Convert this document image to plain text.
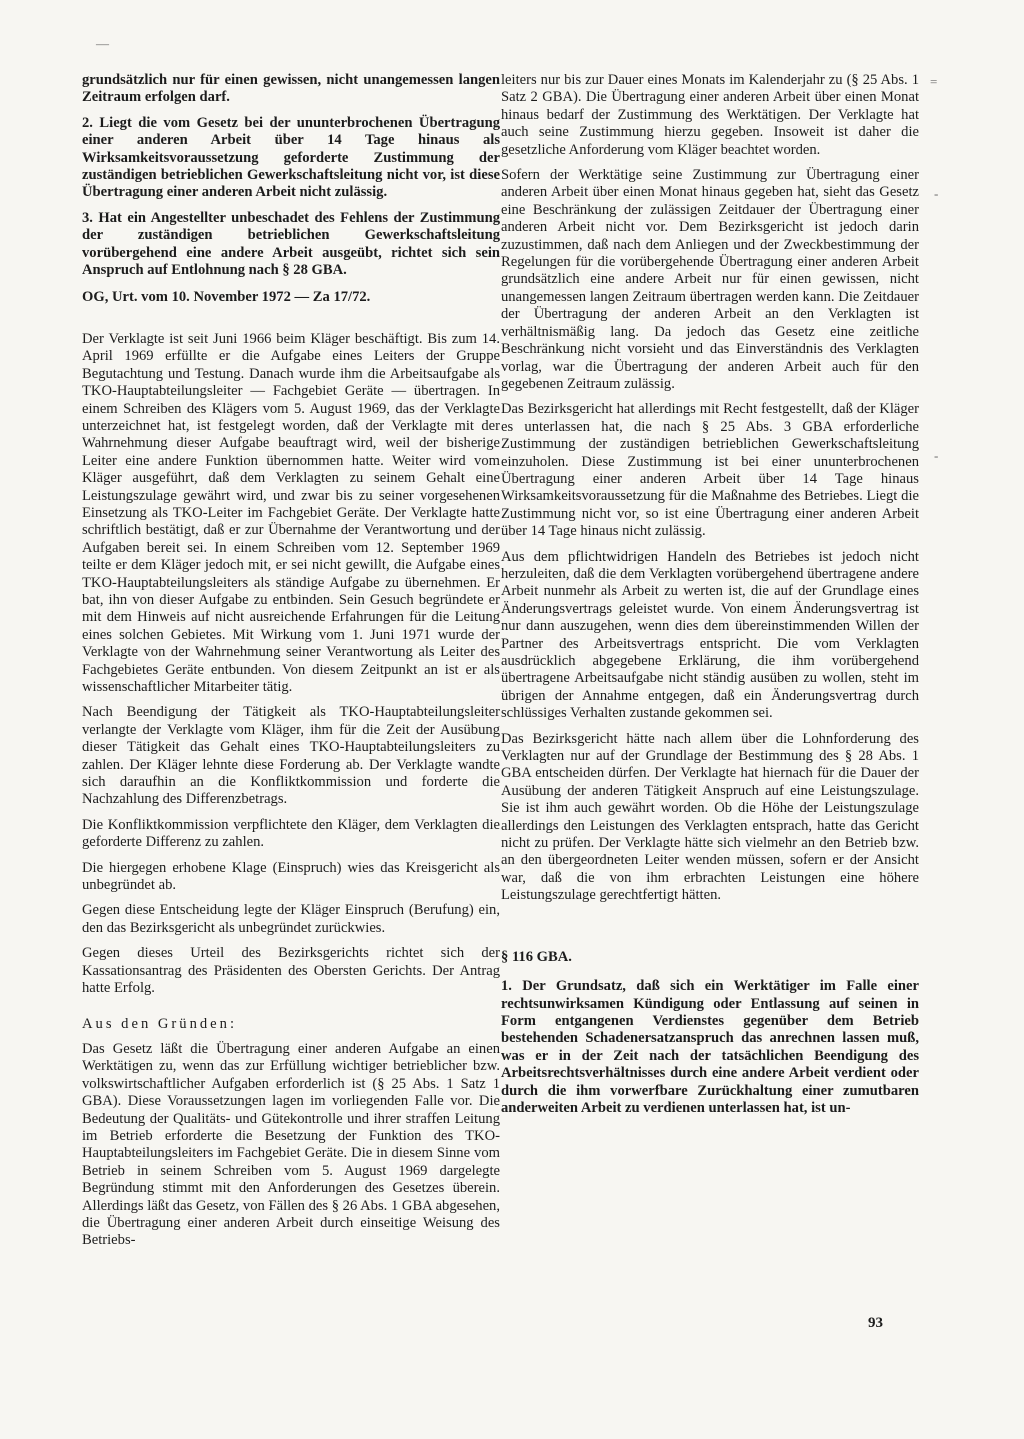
—
=
-
-

grundsätzlich nur für einen gewissen, nicht unangemessen langen Zeitraum erfolgen darf.

2. Liegt die vom Gesetz bei der ununterbrochenen Übertragung einer anderen Arbeit über 14 Tage hinaus als Wirksamkeitsvoraussetzung geforderte Zustimmung der zuständigen betrieblichen Gewerkschaftsleitung nicht vor, ist diese Übertragung einer anderen Arbeit nicht zulässig.

3. Hat ein Angestellter unbeschadet des Fehlens der Zustimmung der zuständigen betrieblichen Gewerkschaftsleitung vorübergehend eine andere Arbeit ausgeübt, richtet sich sein Anspruch auf Entlohnung nach § 28 GBA.

OG, Urt. vom 10. November 1972 — Za 17/72.

Der Verklagte ist seit Juni 1966 beim Kläger beschäftigt. Bis zum 14. April 1969 erfüllte er die Aufgabe eines Leiters der Gruppe Begutachtung und Testung. Danach wurde ihm die Arbeitsaufgabe als TKO-Hauptabteilungsleiter — Fachgebiet Geräte — übertragen. In einem Schreiben des Klägers vom 5. August 1969, das der Verklagte unterzeichnet hat, ist festgelegt worden, daß der Verklagte mit der Wahrnehmung dieser Aufgabe beauftragt wird, weil der bisherige Leiter eine andere Funktion übernommen hatte. Weiter wird vom Kläger ausgeführt, daß dem Verklagten zu seinem Gehalt eine Leistungszulage gewährt wird, und zwar bis zu seiner vorgesehenen Einsetzung als TKO-Leiter im Fachgebiet Geräte. Der Verklagte hatte schriftlich bestätigt, daß er zur Übernahme der Verantwortung und der Aufgaben bereit sei. In einem Schreiben vom 12. September 1969 teilte er dem Kläger jedoch mit, er sei nicht gewillt, die Aufgabe eines TKO-Hauptabteilungsleiters als ständige Aufgabe zu übernehmen. Er bat, ihn von dieser Aufgabe zu entbinden. Sein Gesuch begründete er mit dem Hinweis auf nicht ausreichende Erfahrungen für die Leitung eines solchen Gebietes. Mit Wirkung vom 1. Juni 1971 wurde der Verklagte von der Wahrnehmung seiner Verantwortung als Leiter des Fachgebietes Geräte entbunden. Von diesem Zeitpunkt an ist er als wissenschaftlicher Mitarbeiter tätig.

Nach Beendigung der Tätigkeit als TKO-Hauptabteilungsleiter verlangte der Verklagte vom Kläger, ihm für die Zeit der Ausübung dieser Tätigkeit das Gehalt eines TKO-Hauptabteilungsleiters zu zahlen. Der Kläger lehnte diese Forderung ab. Der Verklagte wandte sich daraufhin an die Konfliktkommission und forderte die Nachzahlung des Differenzbetrags.

Die Konfliktkommission verpflichtete den Kläger, dem Verklagten die geforderte Differenz zu zahlen.

Die hiergegen erhobene Klage (Einspruch) wies das Kreisgericht als unbegründet ab.

Gegen diese Entscheidung legte der Kläger Einspruch (Berufung) ein, den das Bezirksgericht als unbegründet zurückwies.

Gegen dieses Urteil des Bezirksgerichts richtet sich der Kassationsantrag des Präsidenten des Obersten Gerichts. Der Antrag hatte Erfolg.

Aus den Gründen:

Das Gesetz läßt die Übertragung einer anderen Aufgabe an einen Werktätigen zu, wenn das zur Erfüllung wichtiger betrieblicher bzw. volkswirtschaftlicher Aufgaben erforderlich ist (§ 25 Abs. 1 Satz 1 GBA). Diese Voraussetzungen lagen im vorliegenden Falle vor. Die Bedeutung der Qualitäts- und Gütekontrolle und ihrer straffen Leitung im Betrieb erforderte die Besetzung der Funktion des TKO-Hauptabteilungsleiters im Fachgebiet Geräte. Die in diesem Sinne vom Betrieb in seinem Schreiben vom 5. August 1969 dargelegte Begründung stimmt mit den Anforderungen des Gesetzes überein. Allerdings läßt das Gesetz, von Fällen des § 26 Abs. 1 GBA abgesehen, die Übertragung einer anderen Arbeit durch einseitige Weisung des Betriebs-

leiters nur bis zur Dauer eines Monats im Kalenderjahr zu (§ 25 Abs. 1 Satz 2 GBA). Die Übertragung einer anderen Arbeit über einen Monat hinaus bedarf der Zustimmung des Werktätigen. Der Verklagte hat auch seine Zustimmung hierzu gegeben. Insoweit ist daher die gesetzliche Anforderung vom Kläger beachtet worden.

Sofern der Werktätige seine Zustimmung zur Übertragung einer anderen Arbeit über einen Monat hinaus gegeben hat, sieht das Gesetz eine Beschränkung der zulässigen Zeitdauer der Übertragung einer anderen Arbeit nicht vor. Dem Bezirksgericht ist jedoch darin zuzustimmen, daß nach dem Anliegen und der Zweckbestimmung der Regelungen für die vorübergehende Übertragung einer anderen Arbeit grundsätzlich eine andere Arbeit nur für einen gewissen, nicht unangemessen langen Zeitraum übertragen werden kann. Die Zeitdauer der Übertragung der anderen Arbeit an den Verklagten ist verhältnismäßig lang. Da jedoch das Gesetz eine zeitliche Beschränkung nicht vorsieht und das Einverständnis des Verklagten vorlag, war die Übertragung der anderen Arbeit auch für den gegebenen Zeitraum zulässig.

Das Bezirksgericht hat allerdings mit Recht festgestellt, daß der Kläger es unterlassen hat, die nach § 25 Abs. 3 GBA erforderliche Zustimmung der zuständigen betrieblichen Gewerkschaftsleitung einzuholen. Diese Zustimmung ist bei einer ununterbrochenen Übertragung einer anderen Arbeit über 14 Tage hinaus Wirksamkeitsvoraussetzung für die Maßnahme des Betriebes. Liegt die Zustimmung nicht vor, so ist eine Übertragung einer anderen Arbeit über 14 Tage hinaus nicht zulässig.

Aus dem pflichtwidrigen Handeln des Betriebes ist jedoch nicht herzuleiten, daß die dem Verklagten vorübergehend übertragene andere Arbeit nunmehr als Arbeit zu werten ist, die auf der Grundlage eines Änderungsvertrags geleistet wurde. Von einem Änderungsvertrag ist nur dann auszugehen, wenn dies dem übereinstimmenden Willen der Partner des Arbeitsvertrags entspricht. Die vom Verklagten ausdrücklich abgegebene Erklärung, die ihm vorübergehend übertragene Arbeitsaufgabe nicht ständig ausüben zu wollen, steht im übrigen der Annahme entgegen, daß ein Änderungsvertrag durch schlüssiges Verhalten zustande gekommen sei.

Das Bezirksgericht hätte nach allem über die Lohnforderung des Verklagten nur auf der Grundlage der Bestimmung des § 28 Abs. 1 GBA entscheiden dürfen. Der Verklagte hat hiernach für die Dauer der Ausübung der anderen Tätigkeit Anspruch auf eine Leistungszulage. Sie ist ihm auch gewährt worden. Ob die Höhe der Leistungszulage allerdings den Leistungen des Verklagten entsprach, hatte das Gericht nicht zu prüfen. Der Verklagte hätte sich vielmehr an den Betrieb bzw. an den übergeordneten Leiter wenden müssen, sofern er der Ansicht war, daß die von ihm erbrachten Leistungen eine höhere Leistungszulage gerechtfertigt hätten.

§ 116 GBA.

1. Der Grundsatz, daß sich ein Werktätiger im Falle einer rechtsunwirksamen Kündigung oder Entlassung auf seinen in Form entgangenen Verdienstes gegenüber dem Betrieb bestehenden Schadenersatzanspruch das anrechnen lassen muß, was er in der Zeit nach der tatsächlichen Beendigung des Arbeitsrechtsverhältnisses durch eine andere Arbeit verdient oder durch die ihm vorwerfbare Zurückhaltung einer zumutbaren anderweiten Arbeit zu verdienen unterlassen hat, ist un-

93
